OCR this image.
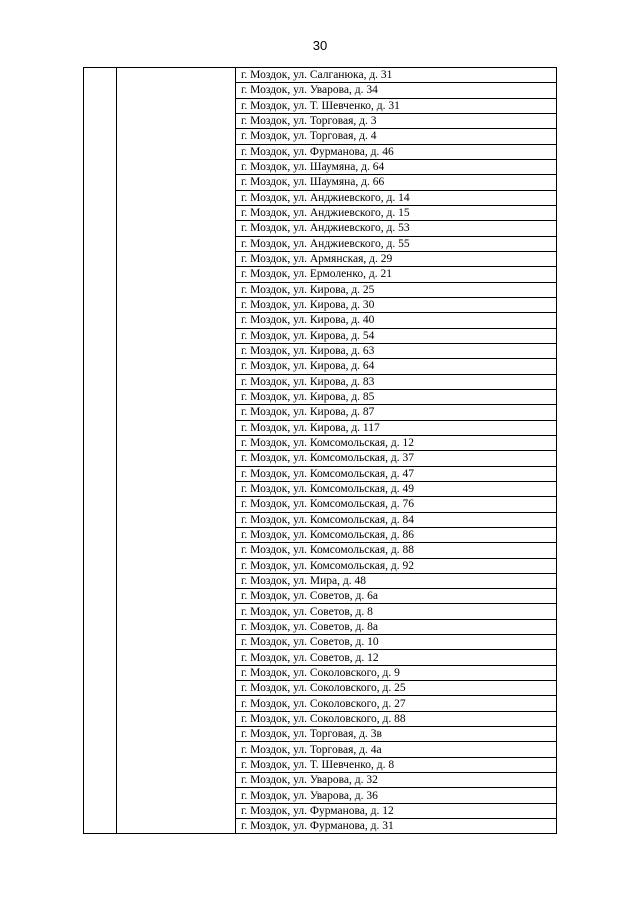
30
		г. Моздок, ул. Салганюка, д. 31
г. Моздок, ул. Уварова, д. 34
г. Моздок, ул. Т. Шевченко, д. 31
г. Моздок, ул. Торговая, д. 3
г. Моздок, ул. Торговая, д. 4
г. Моздок, ул. Фурманова, д. 46
г. Моздок, ул. Шаумяна, д. 64
г. Моздок, ул. Шаумяна, д. 66
г. Моздок, ул. Анджиевского, д. 14
г. Моздок, ул. Анджиевского, д. 15
г. Моздок, ул. Анджиевского, д. 53
г. Моздок, ул. Анджиевского, д. 55
г. Моздок, ул. Армянская, д. 29
г. Моздок, ул. Ермоленко, д. 21
г. Моздок, ул. Кирова, д. 25
г. Моздок, ул. Кирова, д. 30
г. Моздок, ул. Кирова, д. 40
г. Моздок, ул. Кирова, д. 54
г. Моздок, ул. Кирова, д. 63
г. Моздок, ул. Кирова, д. 64
г. Моздок, ул. Кирова, д. 83
г. Моздок, ул. Кирова, д. 85
г. Моздок, ул. Кирова, д. 87
г. Моздок, ул. Кирова, д. 117
г. Моздок, ул. Комсомольская, д. 12
г. Моздок, ул. Комсомольская, д. 37
г. Моздок, ул. Комсомольская, д. 47
г. Моздок, ул. Комсомольская, д. 49
г. Моздок, ул. Комсомольская, д. 76
г. Моздок, ул. Комсомольская, д. 84
г. Моздок, ул. Комсомольская, д. 86
г. Моздок, ул. Комсомольская, д. 88
г. Моздок, ул. Комсомольская, д. 92
г. Моздок, ул. Мира, д. 48
г. Моздок, ул. Советов, д. 6а
г. Моздок, ул. Советов, д. 8
г. Моздок, ул. Советов, д. 8а
г. Моздок, ул. Советов, д. 10
г. Моздок, ул. Советов, д. 12
г. Моздок, ул. Соколовского, д. 9
г. Моздок, ул. Соколовского, д. 25
г. Моздок, ул. Соколовского, д. 27
г. Моздок, ул. Соколовского, д. 88
г. Моздок, ул. Торговая, д. 3в
г. Моздок, ул. Торговая, д. 4а
г. Моздок, ул. Т. Шевченко, д. 8
г. Моздок, ул. Уварова, д. 32
г. Моздок, ул. Уварова, д. 36
г. Моздок, ул. Фурманова, д. 12
г. Моздок, ул. Фурманова, д. 31
